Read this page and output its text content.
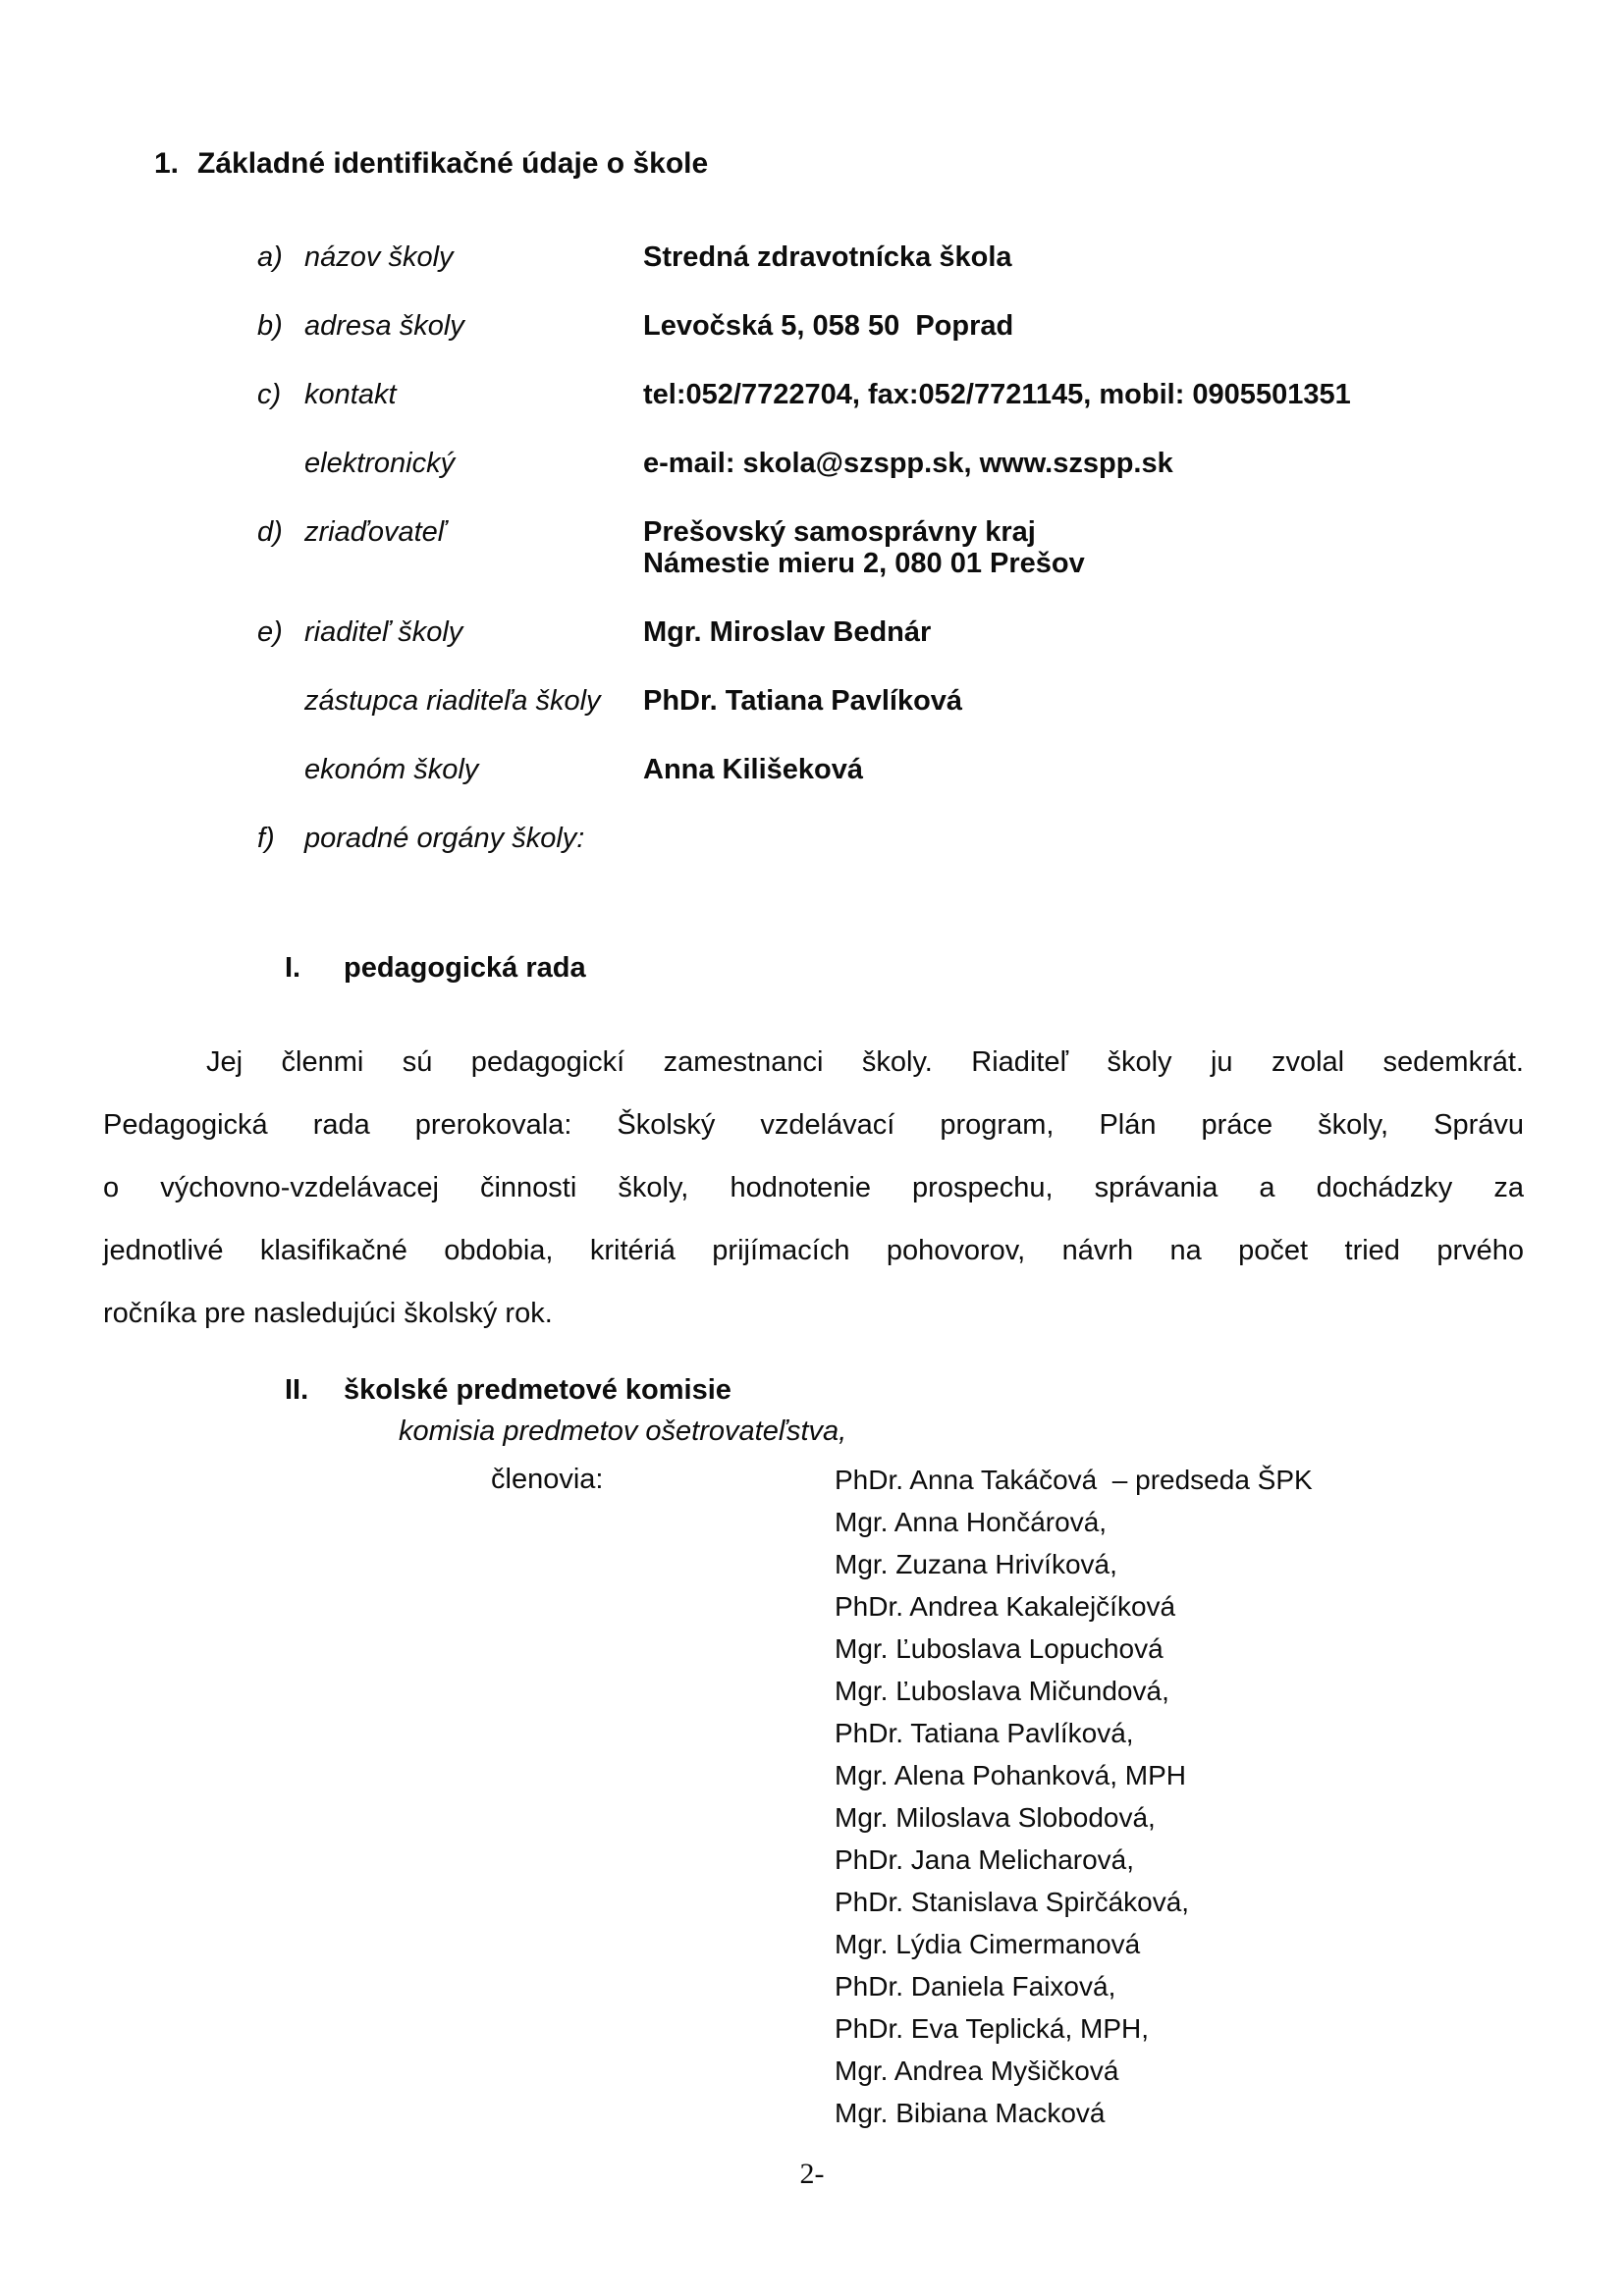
1. Základné identifikačné údaje o škole
a) názov školy	Stredná zdravotnícka škola
b) adresa školy	Levočská 5, 058 50  Poprad
c) kontakt	tel:052/7722704, fax:052/7721145, mobil: 0905501351
elektronický	e-mail: skola@szspp.sk, www.szspp.sk
d) zriaďovateľ	Prešovský samosprávny kraj
Námestie mieru 2, 080 01 Prešov
e) riaditeľ školy	Mgr. Miroslav Bednár
zástupca riaditeľa školy	PhDr. Tatiana Pavlíková
ekonóm školy	Anna Kilišeková
f)	poradné orgány školy:
I. pedagogická rada
Jej členmi sú pedagogickí zamestnanci školy. Riaditeľ školy ju zvolal sedemkrát.
Pedagogická rada prerokovala: Školský vzdelávací program, Plán práce školy, Správu
o výchovno-vzdelávacej činnosti školy, hodnotenie prospechu, správania a dochádzky za
jednotlivé klasifikačné obdobia, kritériá prijímacích pohovorov, návrh na počet tried prvého
ročníka pre nasledujúci školský rok.
II. školské predmetové komisie
komisia predmetov ošetrovateľstva,
členovia:	PhDr. Anna Takáčová  – predseda ŠPK
Mgr. Anna Hončárová,
Mgr. Zuzana Hrivíková,
PhDr. Andrea Kakalejčíková
Mgr. Ľuboslava Lopuchová
Mgr. Ľuboslava Mičundová,
PhDr. Tatiana Pavlíková,
Mgr. Alena Pohanková, MPH
Mgr. Miloslava Slobodová,
PhDr. Jana Melicharová,
PhDr. Stanislava Spirčáková,
Mgr. Lýdia Cimermanová
PhDr. Daniela Faixová,
PhDr. Eva Teplická, MPH,
Mgr. Andrea Myšičková
Mgr. Bibiana Macková
2-
